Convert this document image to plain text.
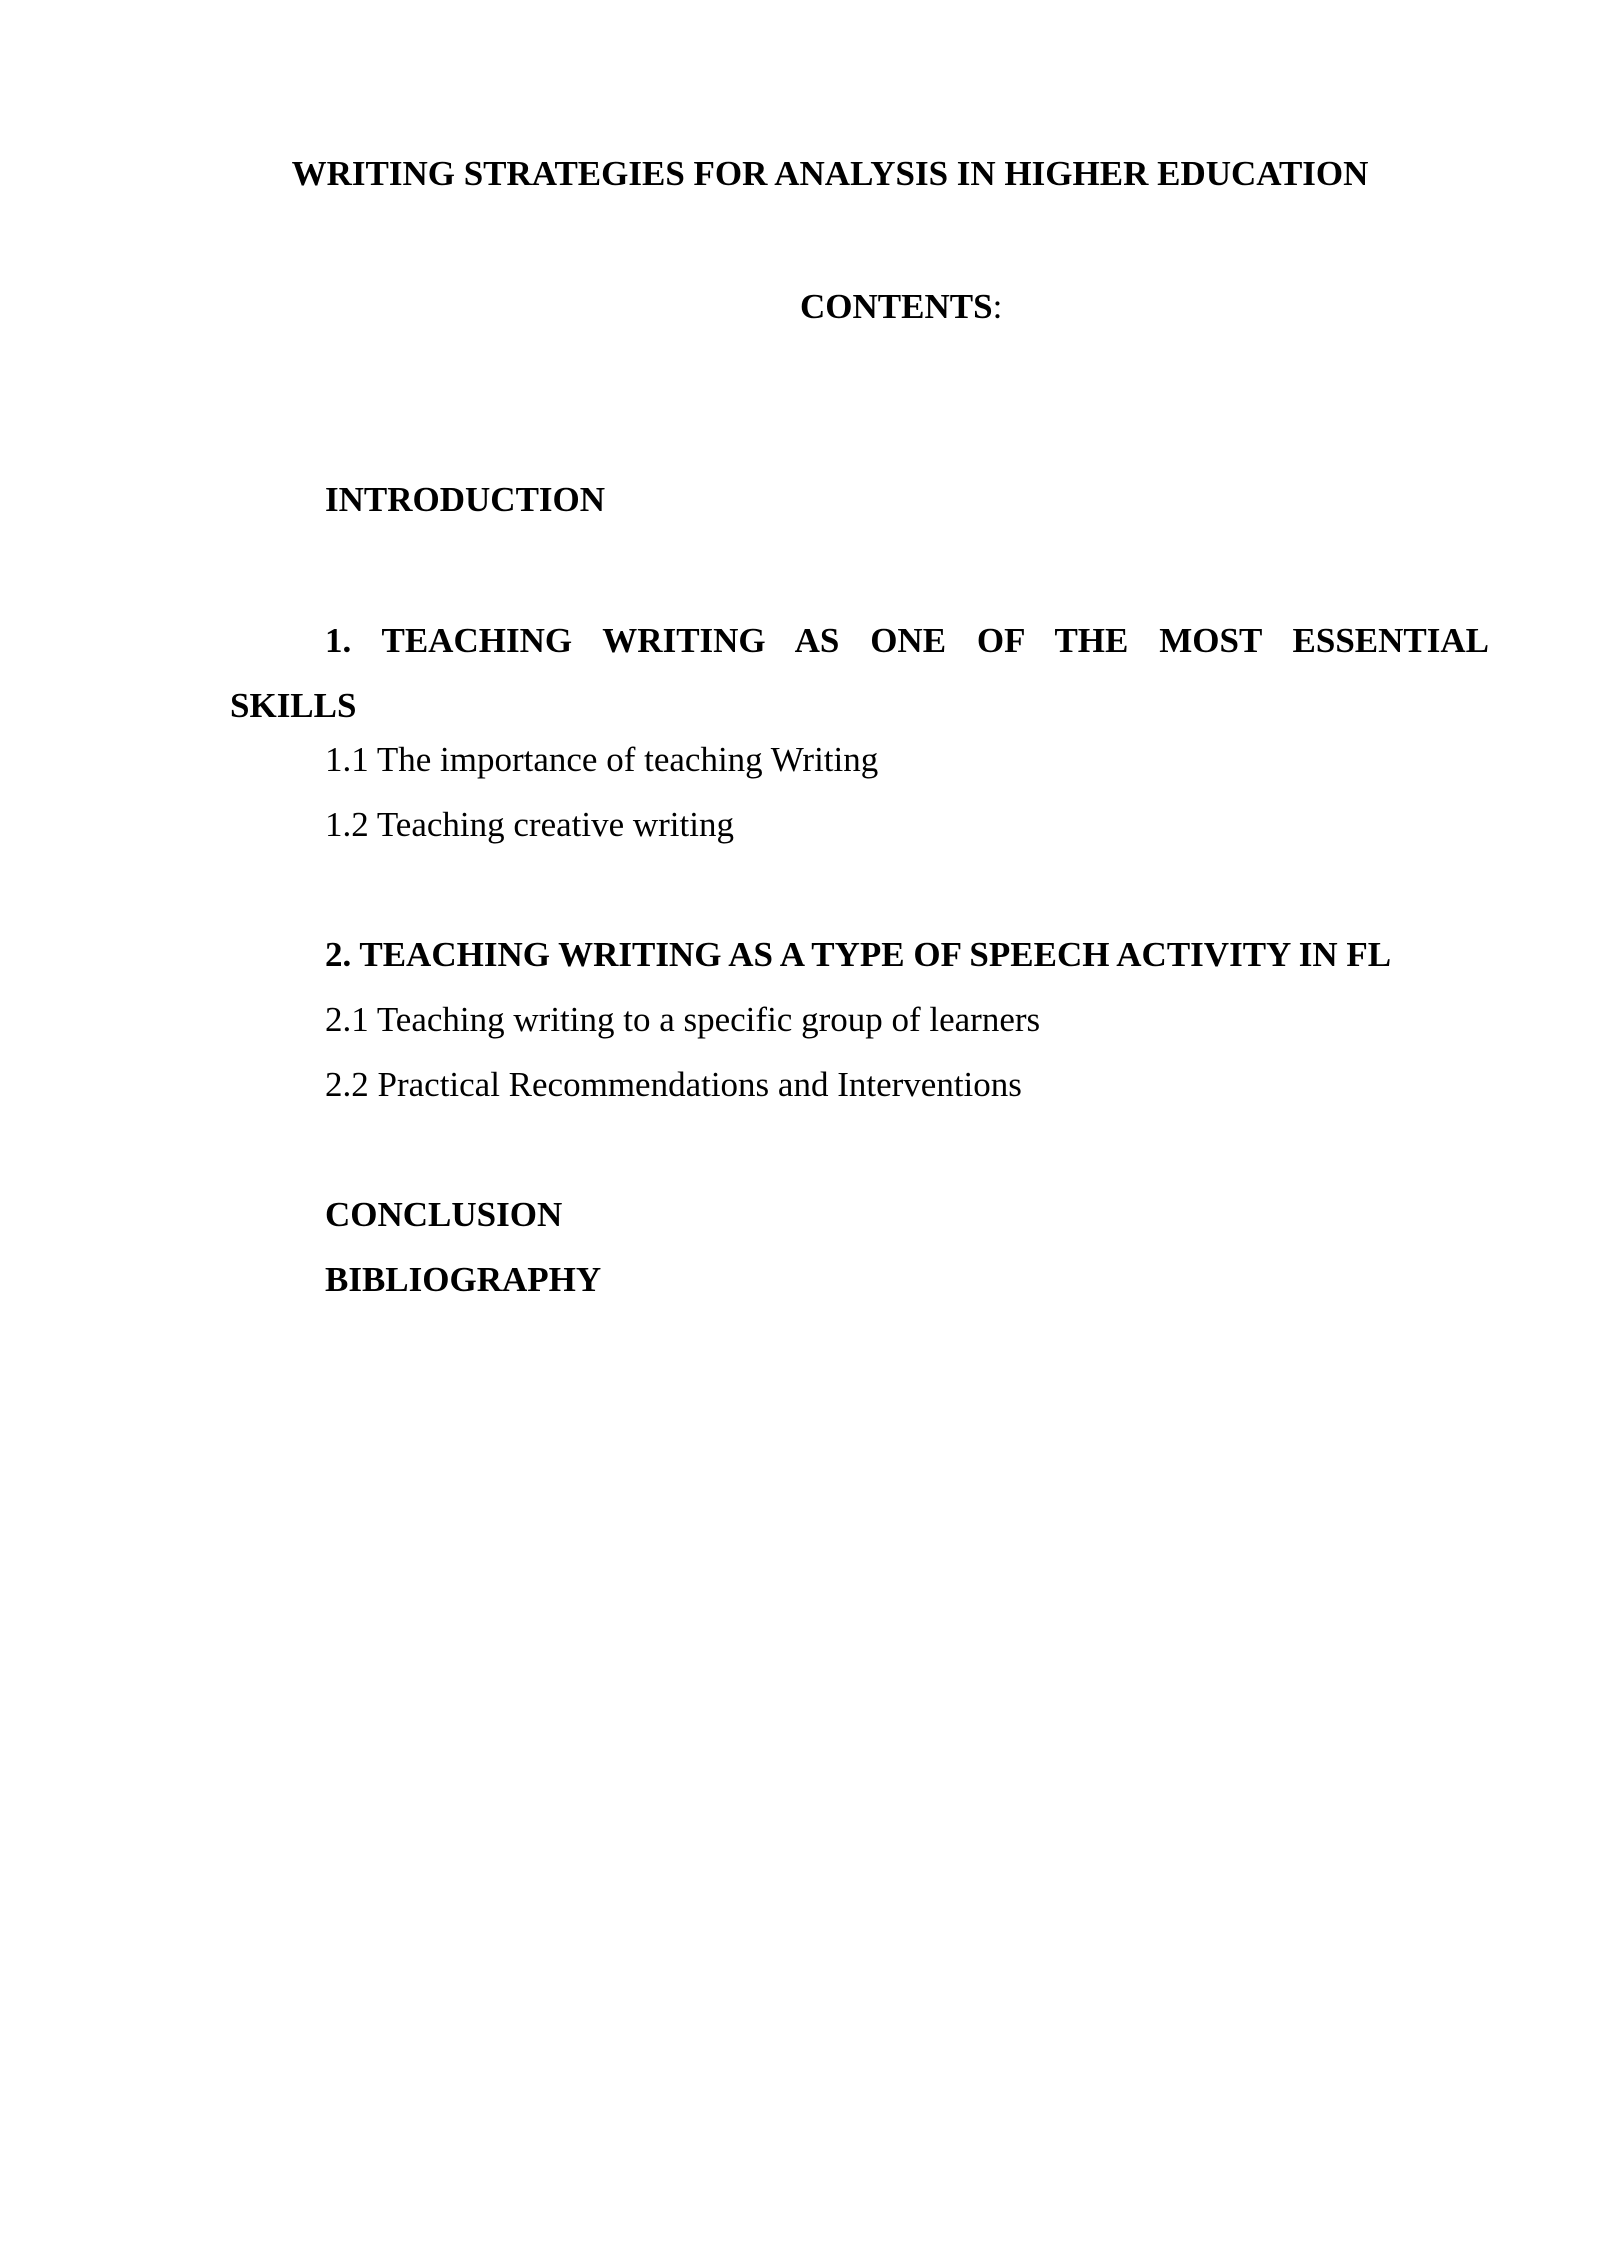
WRITING STRATEGIES FOR ANALYSIS IN HIGHER EDUCATION
CONTENTS:
INTRODUCTION
1. TEACHING WRITING AS ONE OF THE MOST ESSENTIAL
SKILLS
1.1 The importance of teaching Writing
1.2 Teaching creative writing
2. TEACHING WRITING AS A TYPE OF SPEECH ACTIVITY IN FL
2.1 Teaching writing to a specific group of learners
2.2 Practical Recommendations and Interventions
CONCLUSION
BIBLIOGRAPHY
